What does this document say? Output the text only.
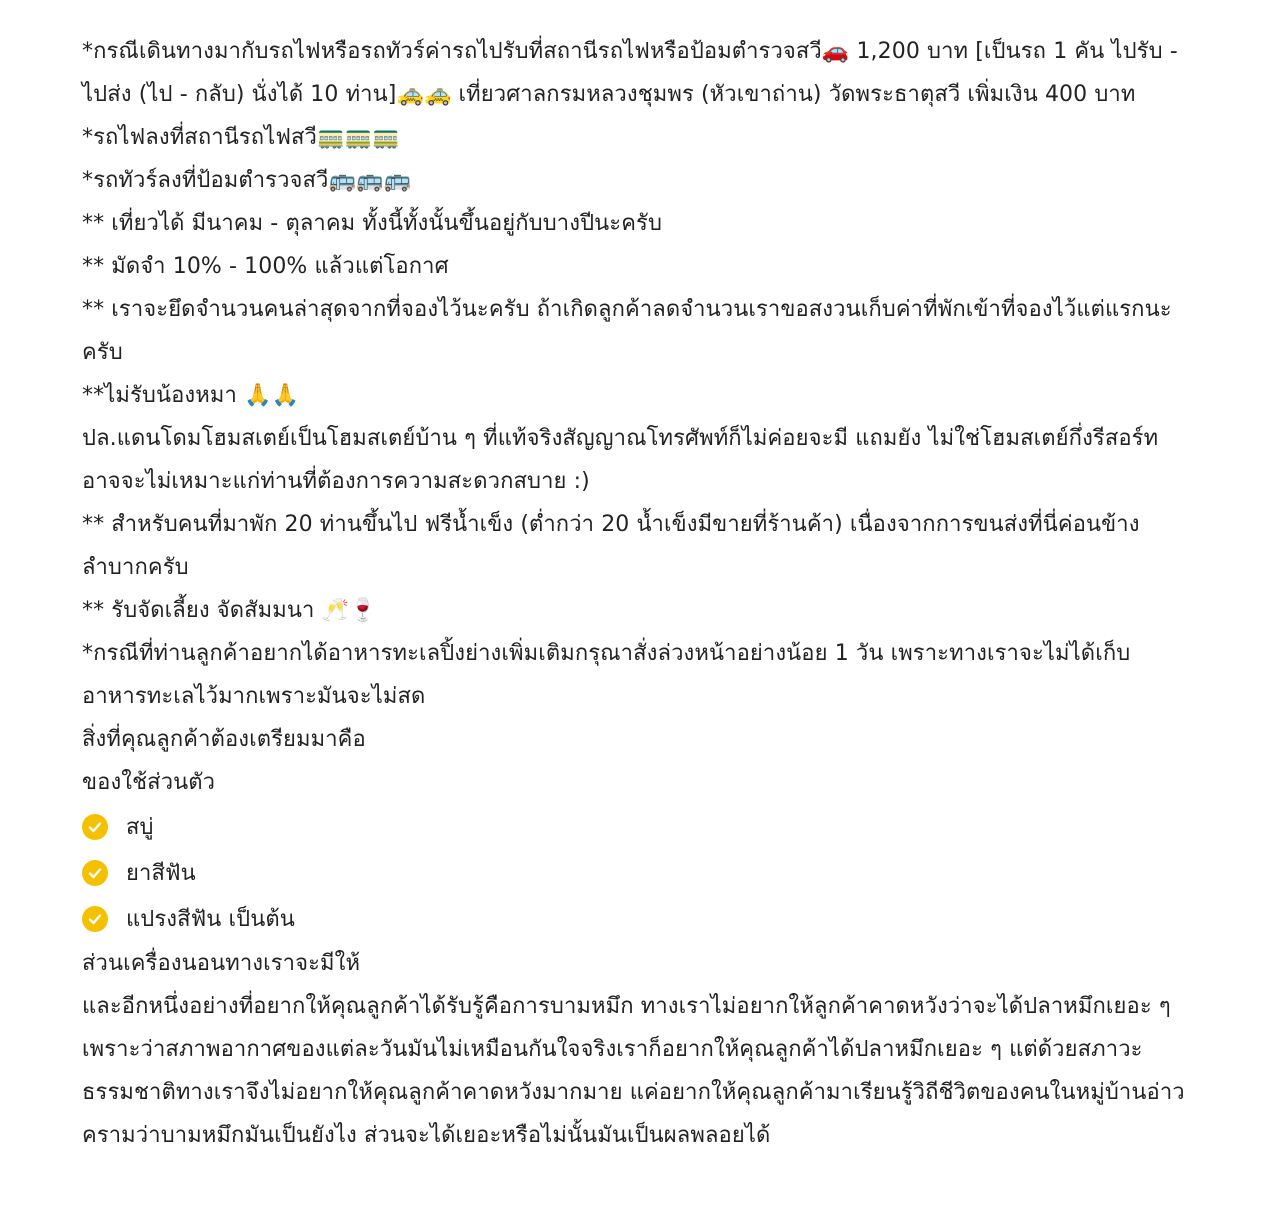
*กรณีเดินทางมากับรถไฟหรือรถทัวร์ค่ารถไปรับที่สถานีรถไฟหรือป้อมตำรวจสวี🚗 1,200 บาท [เป็นรถ 1 คัน ไปรับ - ไปส่ง (ไป - กลับ) นั่งได้ 10 ท่าน]🚕🚕 เที่ยวศาลกรมหลวงชุมพร (หัวเขาถ่าน) วัดพระธาตุสวี เพิ่มเงิน 400 บาท
*รถไฟลงที่สถานีรถไฟสวี🚃🚃🚃
*รถทัวร์ลงที่ป้อมตำรวจสวี🚌🚌🚌
** เที่ยวได้ มีนาคม - ตุลาคม ทั้งนี้ทั้งนั้นขึ้นอยู่กับบางปีนะครับ
** มัดจำ 10% - 100% แล้วแต่โอกาศ
** เราจะยึดจำนวนคนล่าสุดจากที่จองไว้นะครับ ถ้าเกิดลูกค้าลดจำนวนเราขอสงวนเก็บค่าที่พักเข้าที่จองไว้แต่แรกนะครับ
**ไม่รับน้องหมา 🙏🙏
ปล.แดนโดมโฮมสเตย์เป็นโฮมสเตย์บ้าน ๆ ที่แท้จริงสัญญาณโทรศัพท์ก็ไม่ค่อยจะมี แถมยัง ไม่ใช่โฮมสเตย์กึ่งรีสอร์ทอาจจะไม่เหมาะแก่ท่านที่ต้องการความสะดวกสบาย :)
** สำหรับคนที่มาพัก 20 ท่านขึ้นไป ฟรีน้ำเข็ง (ต่ำกว่า 20 น้ำเข็งมีขายที่ร้านค้า) เนื่องจากการขนส่งที่นี่ค่อนข้างลำบากครับ
** รับจัดเลี้ยง จัดสัมมนา 🥂🍷
*กรณีที่ท่านลูกค้าอยากได้อาหารทะเลปิ้งย่างเพิ่มเติมกรุณาสั่งล่วงหน้าอย่างน้อย 1 วัน เพราะทางเราจะไม่ได้เก็บอาหารทะเลไว้มากเพราะมันจะไม่สด
สิ่งที่คุณลูกค้าต้องเตรียมมาคือ
ของใช้ส่วนตัว
สบู่
ยาสีฟัน
แปรงสีฟัน เป็นต้น
ส่วนเครื่องนอนทางเราจะมีให้
และอีกหนึ่งอย่างที่อยากให้คุณลูกค้าได้รับรู้คือการบามหมึก ทางเราไม่อยากให้ลูกค้าคาดหวังว่าจะได้ปลาหมึกเยอะ ๆ เพราะว่าสภาพอากาศของแต่ละวันมันไม่เหมือนกันใจจริงเราก็อยากให้คุณลูกค้าได้ปลาหมึกเยอะ ๆ แต่ด้วยสภาวะธรรมชาติทางเราจึงไม่อยากให้คุณลูกค้าคาดหวังมากมาย แค่อยากให้คุณลูกค้ามาเรียนรู้วิถีชีวิตของคนในหมู่บ้านอ่าวครามว่าบามหมึกมันเป็นยังไง ส่วนจะได้เยอะหรือไม่นั้นมันเป็นผลพลอยได้
